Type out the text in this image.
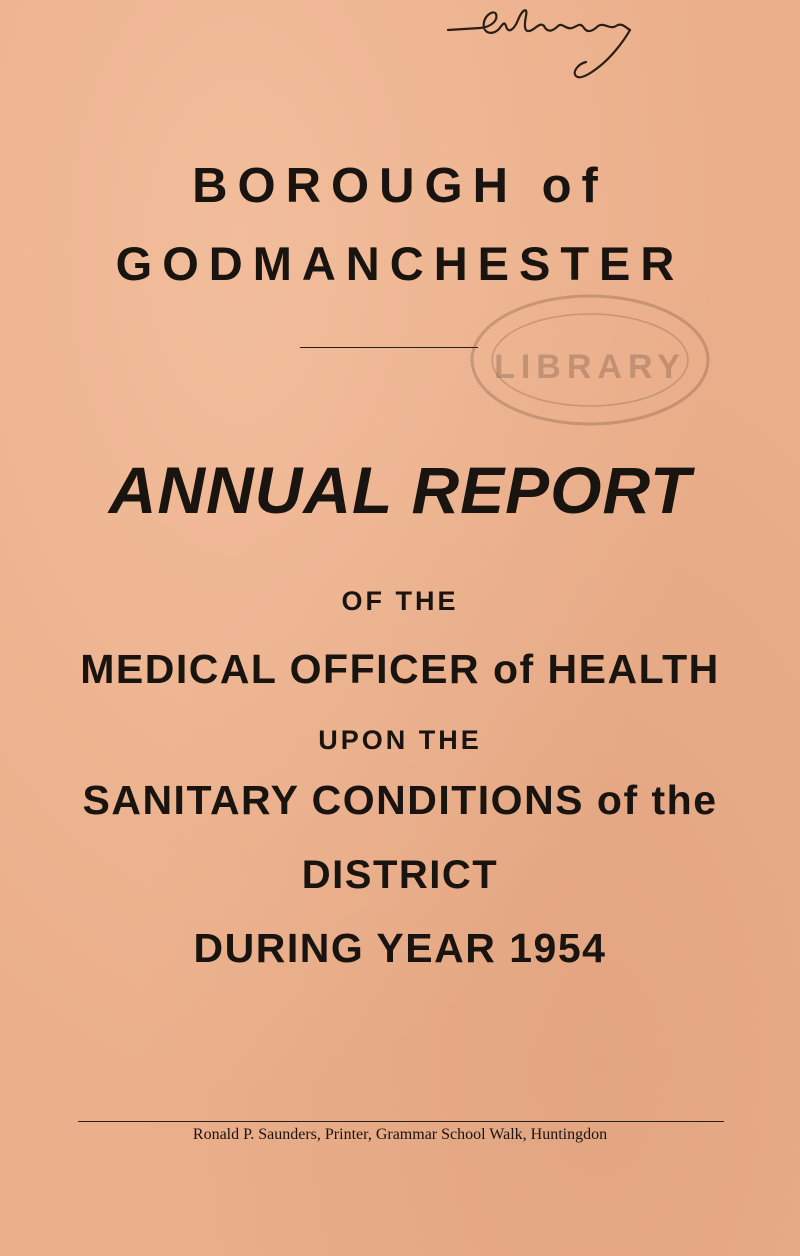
BOROUGH of
GODMANCHESTER
LIBRARY
ANNUAL REPORT
OF THE
MEDICAL OFFICER of HEALTH
UPON THE
SANITARY CONDITIONS of the
DISTRICT
DURING YEAR 1954
Ronald P. Saunders, Printer, Grammar School Walk, Huntingdon
